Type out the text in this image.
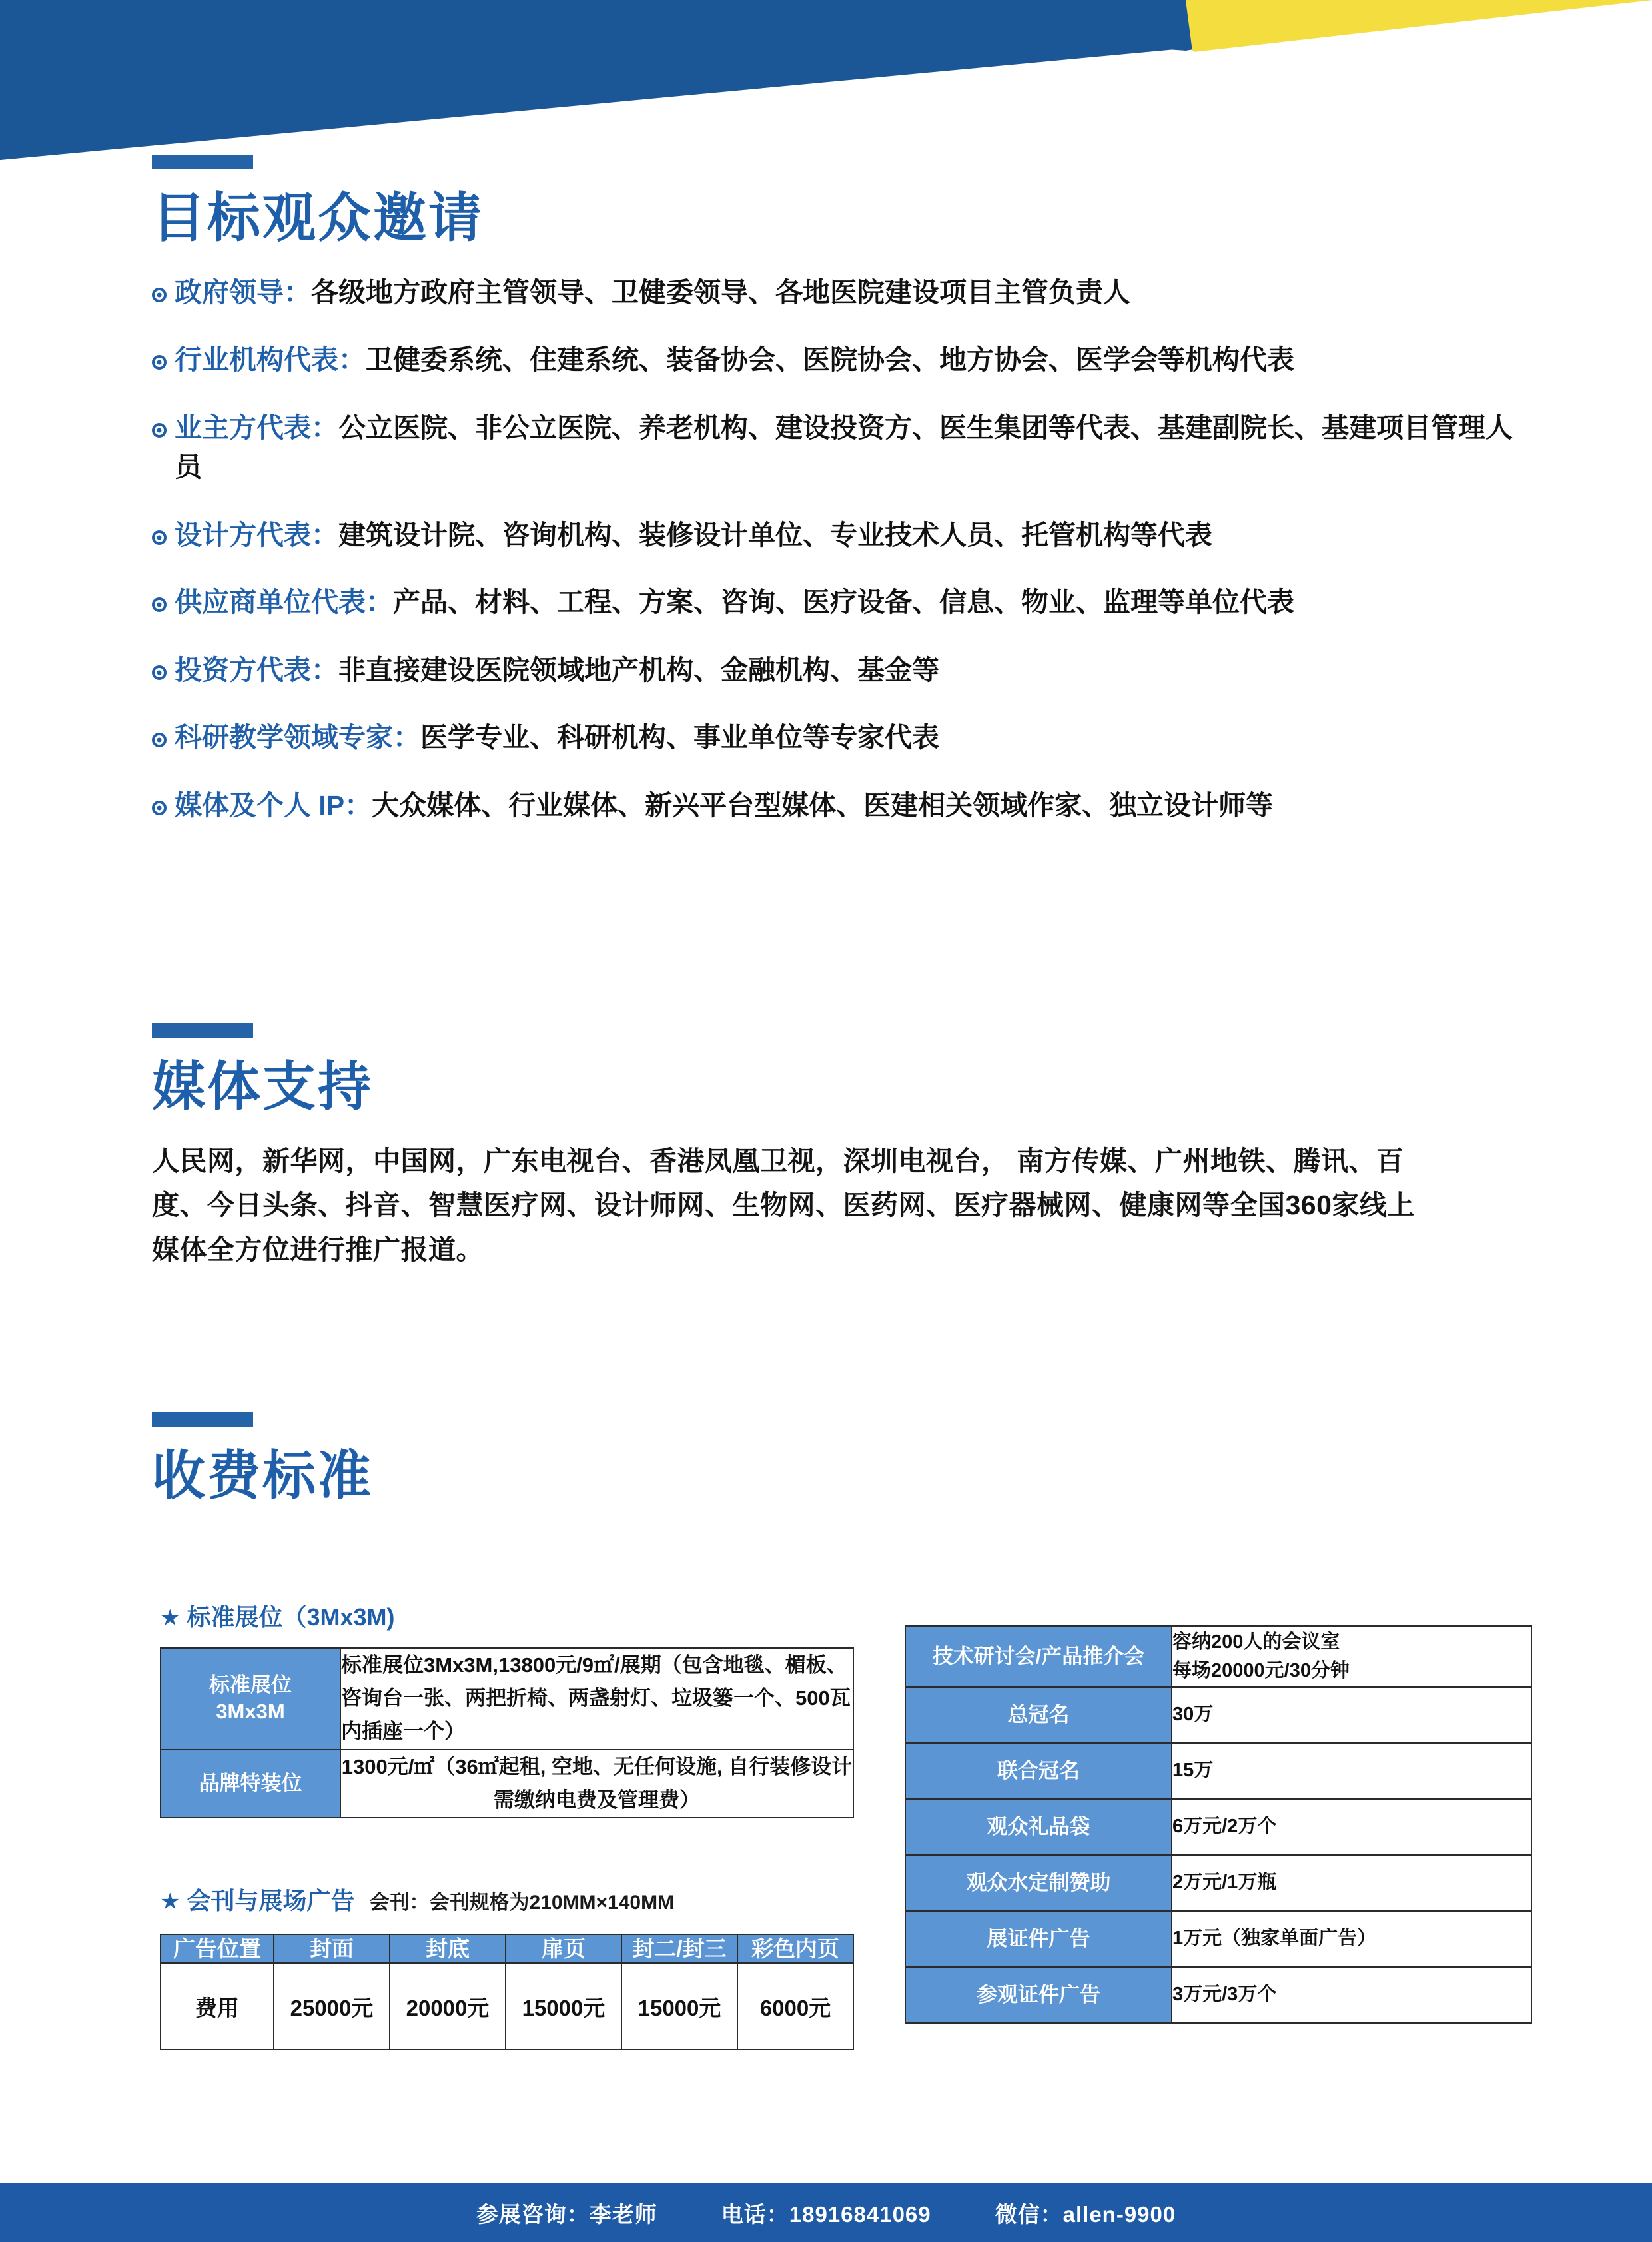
目标观众邀请
政府领导：各级地方政府主管领导、卫健委领导、各地医院建设项目主管负责人
行业机构代表：卫健委系统、住建系统、装备协会、医院协会、地方协会、医学会等机构代表
业主方代表：公立医院、非公立医院、养老机构、建设投资方、医生集团等代表、基建副院长、基建项目管理人员
设计方代表：建筑设计院、咨询机构、装修设计单位、专业技术人员、托管机构等代表
供应商单位代表：产品、材料、工程、方案、咨询、医疗设备、信息、物业、监理等单位代表
投资方代表：非直接建设医院领域地产机构、金融机构、基金等
科研教学领域专家：医学专业、科研机构、事业单位等专家代表
媒体及个人 IP：大众媒体、行业媒体、新兴平台型媒体、医建相关领域作家、独立设计师等
媒体支持

人民网，新华网，中国网，广东电视台、香港凤凰卫视，深圳电视台， 南方传媒、广州地铁、腾讯、百度、今日头条、抖音、智慧医疗网、设计师网、生物网、医药网、医疗器械网、健康网等全国360家线上媒体全方位进行推广报道。

收费标准
★ 标准展位（3Mx3M)
标准展位
3Mx3M	标准展位3Mx3M,13800元/9㎡/展期（包含地毯、楣板、咨询台一张、两把折椅、两盏射灯、垃圾篓一个、500瓦内插座一个）
品牌特装位	1300元/㎡（36㎡起租, 空地、无任何设施, 自行装修设计需缴纳电费及管理费）
★ 会刊与展场广告 会刊：会刊规格为210MM×140MM
广告位置	封面	封底	扉页	封二/封三	彩色内页
费用	25000元	20000元	15000元	15000元	6000元
技术研讨会/产品推介会	容纳200人的会议室
每场20000元/30分钟

总冠名	30万
联合冠名	15万
观众礼品袋	6万元/2万个
观众水定制赞助	2万元/1万瓶
展证件广告	1万元（独家单面广告）
参观证件广告	3万元/3万个
参展咨询：李老师	电话：18916841069	微信：allen-9900
